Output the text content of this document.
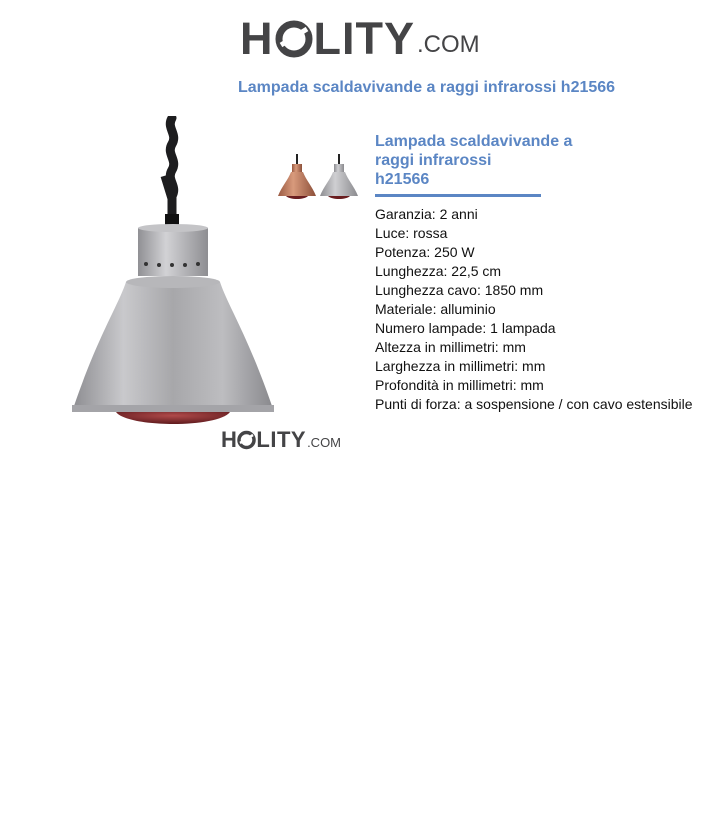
H LITY .COM
Lampada scaldavivande a raggi infrarossi h21566
H LITY .COM
Lampada scaldavivande a
raggi infrarossi
h21566
Garanzia: 2 anni
Luce: rossa
Potenza: 250 W
Lunghezza: 22,5 cm
Lunghezza cavo: 1850 mm
Materiale: alluminio
Numero lampade: 1 lampada
Altezza in millimetri: mm
Larghezza in millimetri: mm
Profondità in millimetri: mm
Punti di forza: a sospensione / con cavo estensibile
